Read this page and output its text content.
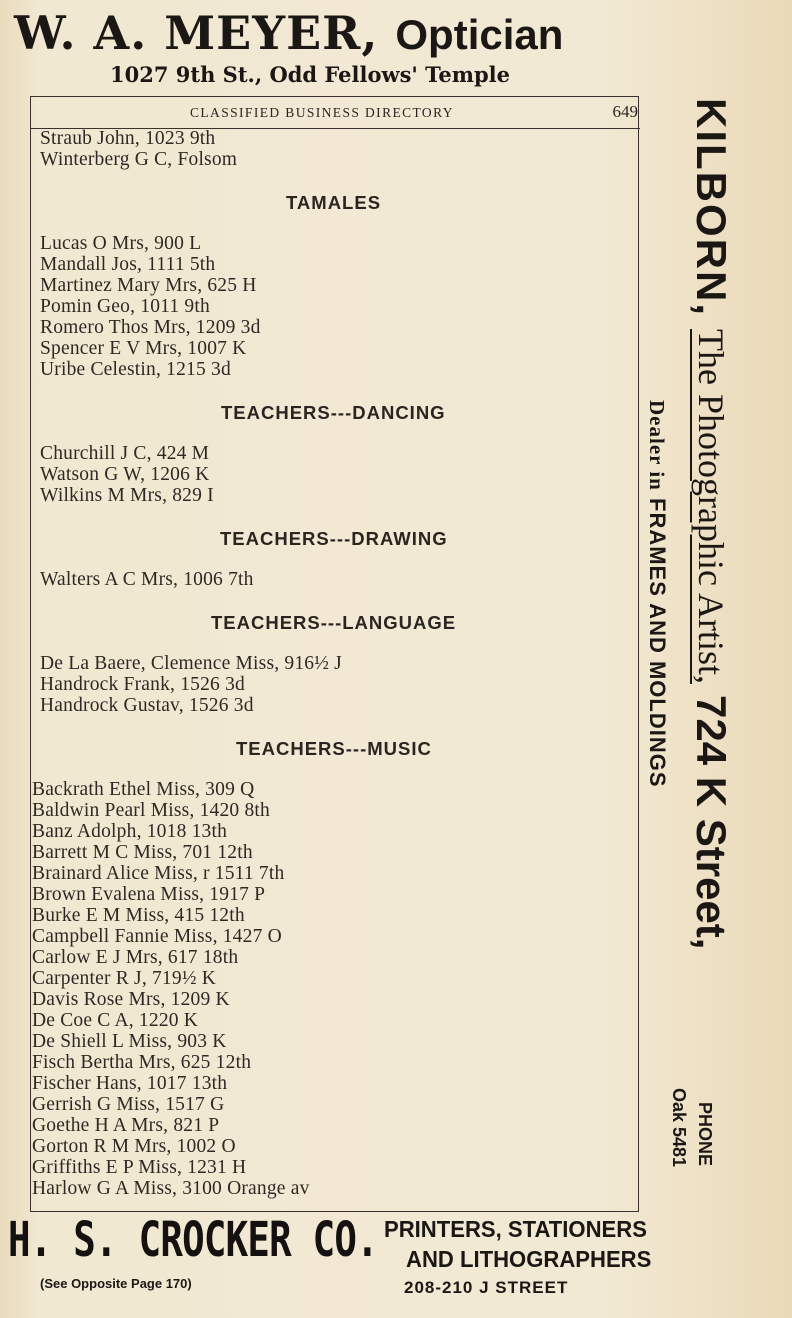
W. A. MEYER, Optician
1027 9th St., Odd Fellows' Temple
CLASSIFIED BUSINESS DIRECTORY	649
Straub John, 1023 9th
Winterberg G C, Folsom
TAMALES
Lucas O Mrs, 900 L
Mandall Jos, 1111 5th
Martinez Mary Mrs, 625 H
Pomin Geo, 1011 9th
Romero Thos Mrs, 1209 3d
Spencer E V Mrs, 1007 K
Uribe Celestin, 1215 3d
TEACHERS---DANCING
Churchill J C, 424 M
Watson G W, 1206 K
Wilkins M Mrs, 829 I
TEACHERS---DRAWING
Walters A C Mrs, 1006 7th
TEACHERS---LANGUAGE
De La Baere, Clemence Miss, 916½ J
Handrock Frank, 1526 3d
Handrock Gustav, 1526 3d
TEACHERS---MUSIC
Backrath Ethel Miss, 309 Q
Baldwin Pearl Miss, 1420 8th
Banz Adolph, 1018 13th
Barrett M C Miss, 701 12th
Brainard Alice Miss, r 1511 7th
Brown Evalena Miss, 1917 P
Burke E M Miss, 415 12th
Campbell Fannie Miss, 1427 O
Carlow E J Mrs, 617 18th
Carpenter R J, 719½ K
Davis Rose Mrs, 1209 K
De Coe C A, 1220 K
De Shiell L Miss, 903 K
Fisch Bertha Mrs, 625 12th
Fischer Hans, 1017 13th
Gerrish G Miss, 1517 G
Goethe H A Mrs, 821 P
Gorton R M Mrs, 1002 O
Griffiths E P Miss, 1231 H
Harlow G A Miss, 3100 Orange av
KILBORN, The Photographic Artist, 724 K Street,
Dealer in FRAMES AND MOLDINGS
PHONE
Oak 5481
H. S. CROCKER CO.
(See Opposite Page 170)
PRINTERS, STATIONERS
AND LITHOGRAPHERS
208-210 J STREET
